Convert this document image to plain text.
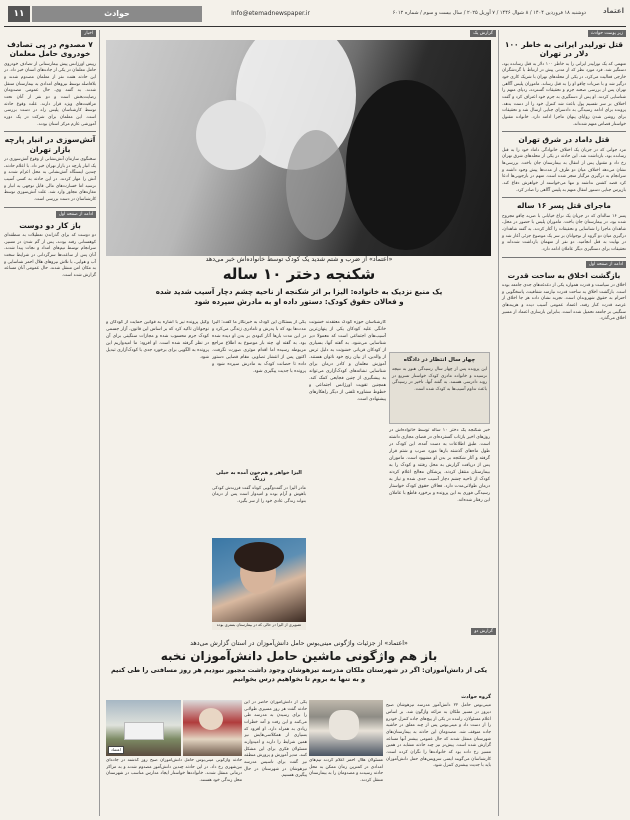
اعتماد
دوشنبه ۱۸ فروردین ۱۴۰۴ / ۸ شوال ۱۴۴۶ / ۷ آوریل ۲۰۲۵ / سال بیست و سوم / شماره ۶۰۱۲
Info@etemadnewspaper.ir
حوادث
۱۱
زیر پوست حوادث
قتل تورلیدر ایرانی به خاطر ۱۰۰ دلار در تهران
متهمی که یک تورلیدر ایرانی را به خاطر ۱۰۰ دلار به قتل رسانده بود، دستگیر شد. فرد مورد نظر که از مدتی پیش در ارتباط با گردشگران خارجی فعالیت می‌کرد، در یکی از محله‌های تهران با شریک کاری خود درگیر شد و با ضربات چاقو او را به قتل رساند. ماموران پلیس آگاهی تهران پس از بررسی صحنه جرم و تحقیقات گسترده، ردپای متهم را شناسایی کردند. او پس از دستگیری به جرم خود اعتراف کرد و گفت اختلاف بر سر تقسیم پول باعث شد کنترل خود را از دست بدهد. پرونده برای ادامه رسیدگی به دادسرای جنایی ارسال شد و تحقیقات برای روشن شدن زوایای پنهان ماجرا ادامه دارد. خانواده مقتول خواستار قصاص متهم شده‌اند.
قتل داماد در شرق تهران
مرد جوانی که در جریان یک اختلاف خانوادگی داماد خود را به قتل رسانده بود، بازداشت شد. این حادثه در یکی از محله‌های شرق تهران رخ داد و مقتول پس از انتقال به بیمارستان جان باخت. بررسی‌ها نشان می‌دهد اختلاف میان دو طرف از مدت‌ها پیش وجود داشته و سرانجام به درگیری مرگبار منجر شده است. متهم در بازجویی‌ها ادعا کرد قصد کشتن نداشته و تنها می‌خواسته از خواهرش دفاع کند. بازپرس جنایی دستور انتقال متهم به پلیس آگاهی را صادر کرد.
ماجرای قتل پسر ۱۶ ساله
پسر ۱۶ ساله‌ای که در جریان یک نزاع خیابانی با ضربه چاقو مجروح شده بود، در بیمارستان جان باخت. ماموران پلیس با حضور در محل، شاهدان ماجرا را شناسایی و تحقیقات را آغاز کردند. به گفته شاهدان، درگیری میان دو گروه از نوجوانان بر سر یک موضوع جزئی آغاز شد و در نهایت به قتل انجامید. دو نفر از متهمان بازداشت شده‌اند و تحقیقات برای دستگیری دیگر عاملان ادامه دارد.
ادامه از صفحه اول
بازگشت اخلاق به ساحت قدرت
اخلاق در سیاست و قدرت همواره یکی از دغدغه‌های جدی جامعه بوده است. بازگشت اخلاق به ساحت قدرت نیازمند شفافیت، پاسخگویی و احترام به حقوق شهروندان است. تجربه نشان داده هر جا اخلاق از عرصه قدرت کنار رفته، اعتماد عمومی آسیب دیده و هزینه‌های سنگینی بر جامعه تحمیل شده است. بنابراین بازسازی اعتماد از مسیر اخلاق می‌گذرد.
اخبار
۷ مصدوم در پی تصادف خودروی حامل معلمان
رییس اورژانس پیش بیمارستانی از تصادف خودروی حامل معلمان در یکی از جاده‌های استان خبر داد. در این حادثه هفت نفر از معلمان مصدوم شدند و بلافاصله توسط نیروهای امدادی به بیمارستان منتقل شدند. به گفته وی، حال عمومی مصدومان رضایت‌بخش است و دو نفر از آنان تحت مراقبت‌های ویژه قرار دارند. علت وقوع حادثه توسط کارشناسان پلیس راه در دست بررسی است. این معلمان برای شرکت در یک دوره آموزشی عازم مرکز استان بودند.
آتش‌سوزی در انبار پارچه بازار تهران
سخنگوی سازمان آتش‌نشانی از وقوع آتش‌سوزی در یک انبار پارچه در بازار تهران خبر داد. با اعلام حادثه، چندین ایستگاه آتش‌نشانی به محل اعزام شدند و آتش را مهار کردند. در این حادثه به کسی آسیب نرسید اما خسارت‌های مالی قابل توجهی به انبار و مغازه‌های مجاور وارد شد. علت آتش‌سوزی توسط کارشناسان در دست بررسی است.
ادامه از صفحه اول
باز کار دو دوست
دو دوست که برای گذراندن تعطیلات به منطقه‌ای کوهستانی رفته بودند، پس از گم شدن در مسیر، سرانجام توسط تیم‌های امداد و نجات پیدا شدند. آنان پس از ساعت‌ها سرگردانی در شرایط سخت آب و هوایی، با تلاش نیروهای هلال احمر شناسایی و به مکان امن منتقل شدند. حال عمومی آنان مساعد گزارش شده است.
گزارش یک
«اعتماد» از ضرب و شتم شدید یک کودک توسط خانواده‌اش خبر می‌دهد
شکنجه دختر ۱۰ ساله
یک منبع نزدیک به خانواده: الیزا بر اثر شکنجه از ناحیه چشم دچار آسیب شدید شده
و فعالان حقوق کودک: دستور داده او به مادرش سپرده شود
چهار سال انتظار در دادگاه
این پرونده پس از چهار سال رسیدگی هنوز به نتیجه نرسیده و خانواده مادری کودک خواستار تسریع در روند دادرسی هستند. به گفته آنها، تاخیر در رسیدگی باعث تداوم آسیب‌ها به کودک شده است.
خبر شکنجه یک دختر ۱۰ ساله توسط خانواده‌اش در روزهای اخیر بازتاب گسترده‌ای در فضای مجازی داشته است. طبق اطلاعات به دست آمده، این کودک در طول ماه‌های گذشته بارها مورد ضرب و شتم قرار گرفته و آثار شکنجه بر بدن او مشهود است. ماموران پس از دریافت گزارش به محل رفتند و کودک را به بیمارستان منتقل کردند. پزشکان معالج اعلام کردند کودک از ناحیه چشم دچار آسیب جدی شده و نیاز به درمان طولانی‌مدت دارد. فعالان حقوق کودک خواستار رسیدگی فوری به این پرونده و برخورد قاطع با عاملان این رفتار شده‌اند.
کارشناسان حوزه کودک معتقدند خشونت خانگی علیه کودکان یکی از پنهان‌ترین آسیب‌های اجتماعی است که معمولا دیر شناسایی می‌شود. به گفته آنها، بسیاری از کودکان قربانی خشونت به دلیل ترس از والدین، از بیان رنج خود ناتوان هستند. آموزش معلمان و کادر درمان برای شناسایی نشانه‌های کودک‌آزاری می‌تواند به پیشگیری از چنین فجایعی کمک کند. همچنین تقویت اورژانس اجتماعی و خطوط مشاوره تلفنی از دیگر راهکارهای پیشنهادی است.
یکی از بستگان این کودک به خبرنگار ما گفت: الیزا مدت‌ها بود که با پدرش و نامادری زندگی می‌کرد و در این مدت بارها آثار کبودی بر بدن او دیده شده بود. به گفته او، چند بار موضوع به اطلاع مراجع مربوطه رسیده اما اقدام موثری صورت نگرفت. اکنون پس از انتشار تصاویر، مقام قضایی دستور داده تا حضانت کودک به مادرش سپرده شود و پرونده با جدیت پیگیری شود.
الیزا خواهر و هم‌خون آمده به خیلی زرنگ
مادر الیزا در گفت‌وگویی کوتاه گفت فرزندش کودکی باهوش و آرام بوده و امیدوار است پس از درمان بتواند زندگی عادی خود را از سر بگیرد.
تصویری از الیزا در حالی که در بیمارستان بستری بوده
وکیل پرونده نیز با اشاره به قوانین حمایت از کودکان و نوجوانان تاکید کرد که بر اساس این قانون، آزار جسمی کودک جرم محسوب شده و مجازات سنگینی برای آن در نظر گرفته شده است. او افزود: ما امیدواریم این پرونده به الگویی برای برخورد جدی با کودک‌آزاری تبدیل شود.
گزارش دو
«اعتماد» از جزئیات واژگونی مینی‌بوس حامل دانش‌آموزان در استان گزارش می‌دهد
باز هم واژگونی ماشین حامل دانش‌آموزان نخبه
یکی از دانش‌آموزان: اگر در شهرستان ملکان مدرسه تیزهوشان وجود داشت مجبور نبودیم هر روز مسافتی را طی کنیم
و به تنها به بروم تا بخواهیم درس بخوانیم
اعتماد
حادثه واژگونی مینی‌بوس حامل دانش‌آموزان صبح روز گذشته در جاده‌ای بین‌شهری رخ داد. در این حادثه چندین دانش‌آموز مصدوم شدند و به مراکز درمانی منتقل شدند. خانواده‌ها خواستار ایجاد مدارس مناسب در شهرستان محل زندگی خود هستند.
یکی از دانش‌آموزان حاضر در این حادثه گفت هر روز مسیری طولانی را برای رسیدن به مدرسه طی می‌کنند و این رفت و آمد خطرات زیادی به همراه دارد. او افزود که بسیاری از همکلاسی‌هایش نیز همین شرایط را دارند و امیدوارند مسئولان فکری برای این مشکل کنند. مدیر آموزش و پرورش منطقه نیز گفت برای تاسیس مدرسه تیزهوشان در شهرستان در حال پیگیری هستیم.
مسئولان هلال احمر اعلام کردند تیم‌های امدادی در کمترین زمان ممکن به محل حادثه رسیدند و مصدومان را به بیمارستان منتقل کردند.
گروه حوادث
مینی‌بوس حامل ۲۲ دانش‌آموز مدرسه تیزهوشان صبح دیروز در مسیر ملکان به مراغه واژگون شد. بر اساس اعلام مسئولان، راننده در یکی از پیچ‌های جاده کنترل خودرو را از دست داد و مینی‌بوس پس از چند معلق در حاشیه جاده متوقف شد. مصدومان این حادثه به بیمارستان‌های شهرستان منتقل شدند که حال عمومی بیشتر آنها مساعد گزارش شده است. پیش‌تر نیز چند حادثه مشابه در همین مسیر رخ داده بود که خانواده‌ها را نگران کرده است. کارشناسان می‌گویند ایمنی سرویس‌های حمل دانش‌آموزان باید با جدیت بیشتری کنترل شود.
